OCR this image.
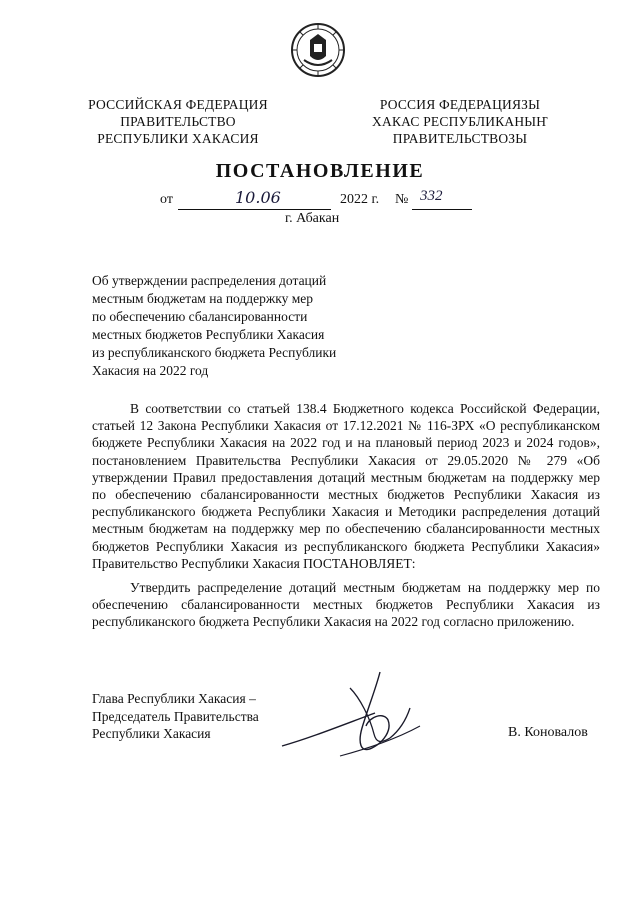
РОССИЙСКАЯ ФЕДЕРАЦИЯ
ПРАВИТЕЛЬСТВО
РЕСПУБЛИКИ ХАКАСИЯ
РОССИЯ ФЕДЕРАЦИЯЗЫ
ХАКАС РЕСПУБЛИКАНЫҤ
ПРАВИТЕЛЬСТВОЗЫ
ПОСТАНОВЛЕНИЕ
от	10.06	2022 г. № 332
г. Абакан
Об утверждении распределения дотаций
местным бюджетам на поддержку мер
по обеспечению сбалансированности
местных бюджетов Республики Хакасия
из республиканского бюджета Республики
Хакасия на 2022 год

В соответствии со статьей 138.4 Бюджетного кодекса Российской Федерации, статьей 12 Закона Республики Хакасия от 17.12.2021 № 116-ЗРХ «О республиканском бюджете Республики Хакасия на 2022 год и на плановый период 2023 и 2024 годов», постановлением Правительства Республики Хакасия от 29.05.2020 № 279 «Об утверждении Правил предоставления дотаций местным бюджетам на поддержку мер по обеспечению сбалансированности местных бюджетов Республики Хакасия из республиканского бюджета Республики Хакасия и Методики распределения дотаций местным бюджетам на поддержку мер по обеспечению сбалансированности местных бюджетов Республики Хакасия из республиканского бюджета Республики Хакасия» Правительство Республики Хакасия ПОСТАНОВЛЯЕТ:

Утвердить распределение дотаций местным бюджетам на поддержку мер по обеспечению сбалансированности местных бюджетов Республики Хакасия из республиканского бюджета Республики Хакасия на 2022 год согласно приложению.

Глава Республики Хакасия –
Председатель Правительства
Республики Хакасия	В. Коновалов
